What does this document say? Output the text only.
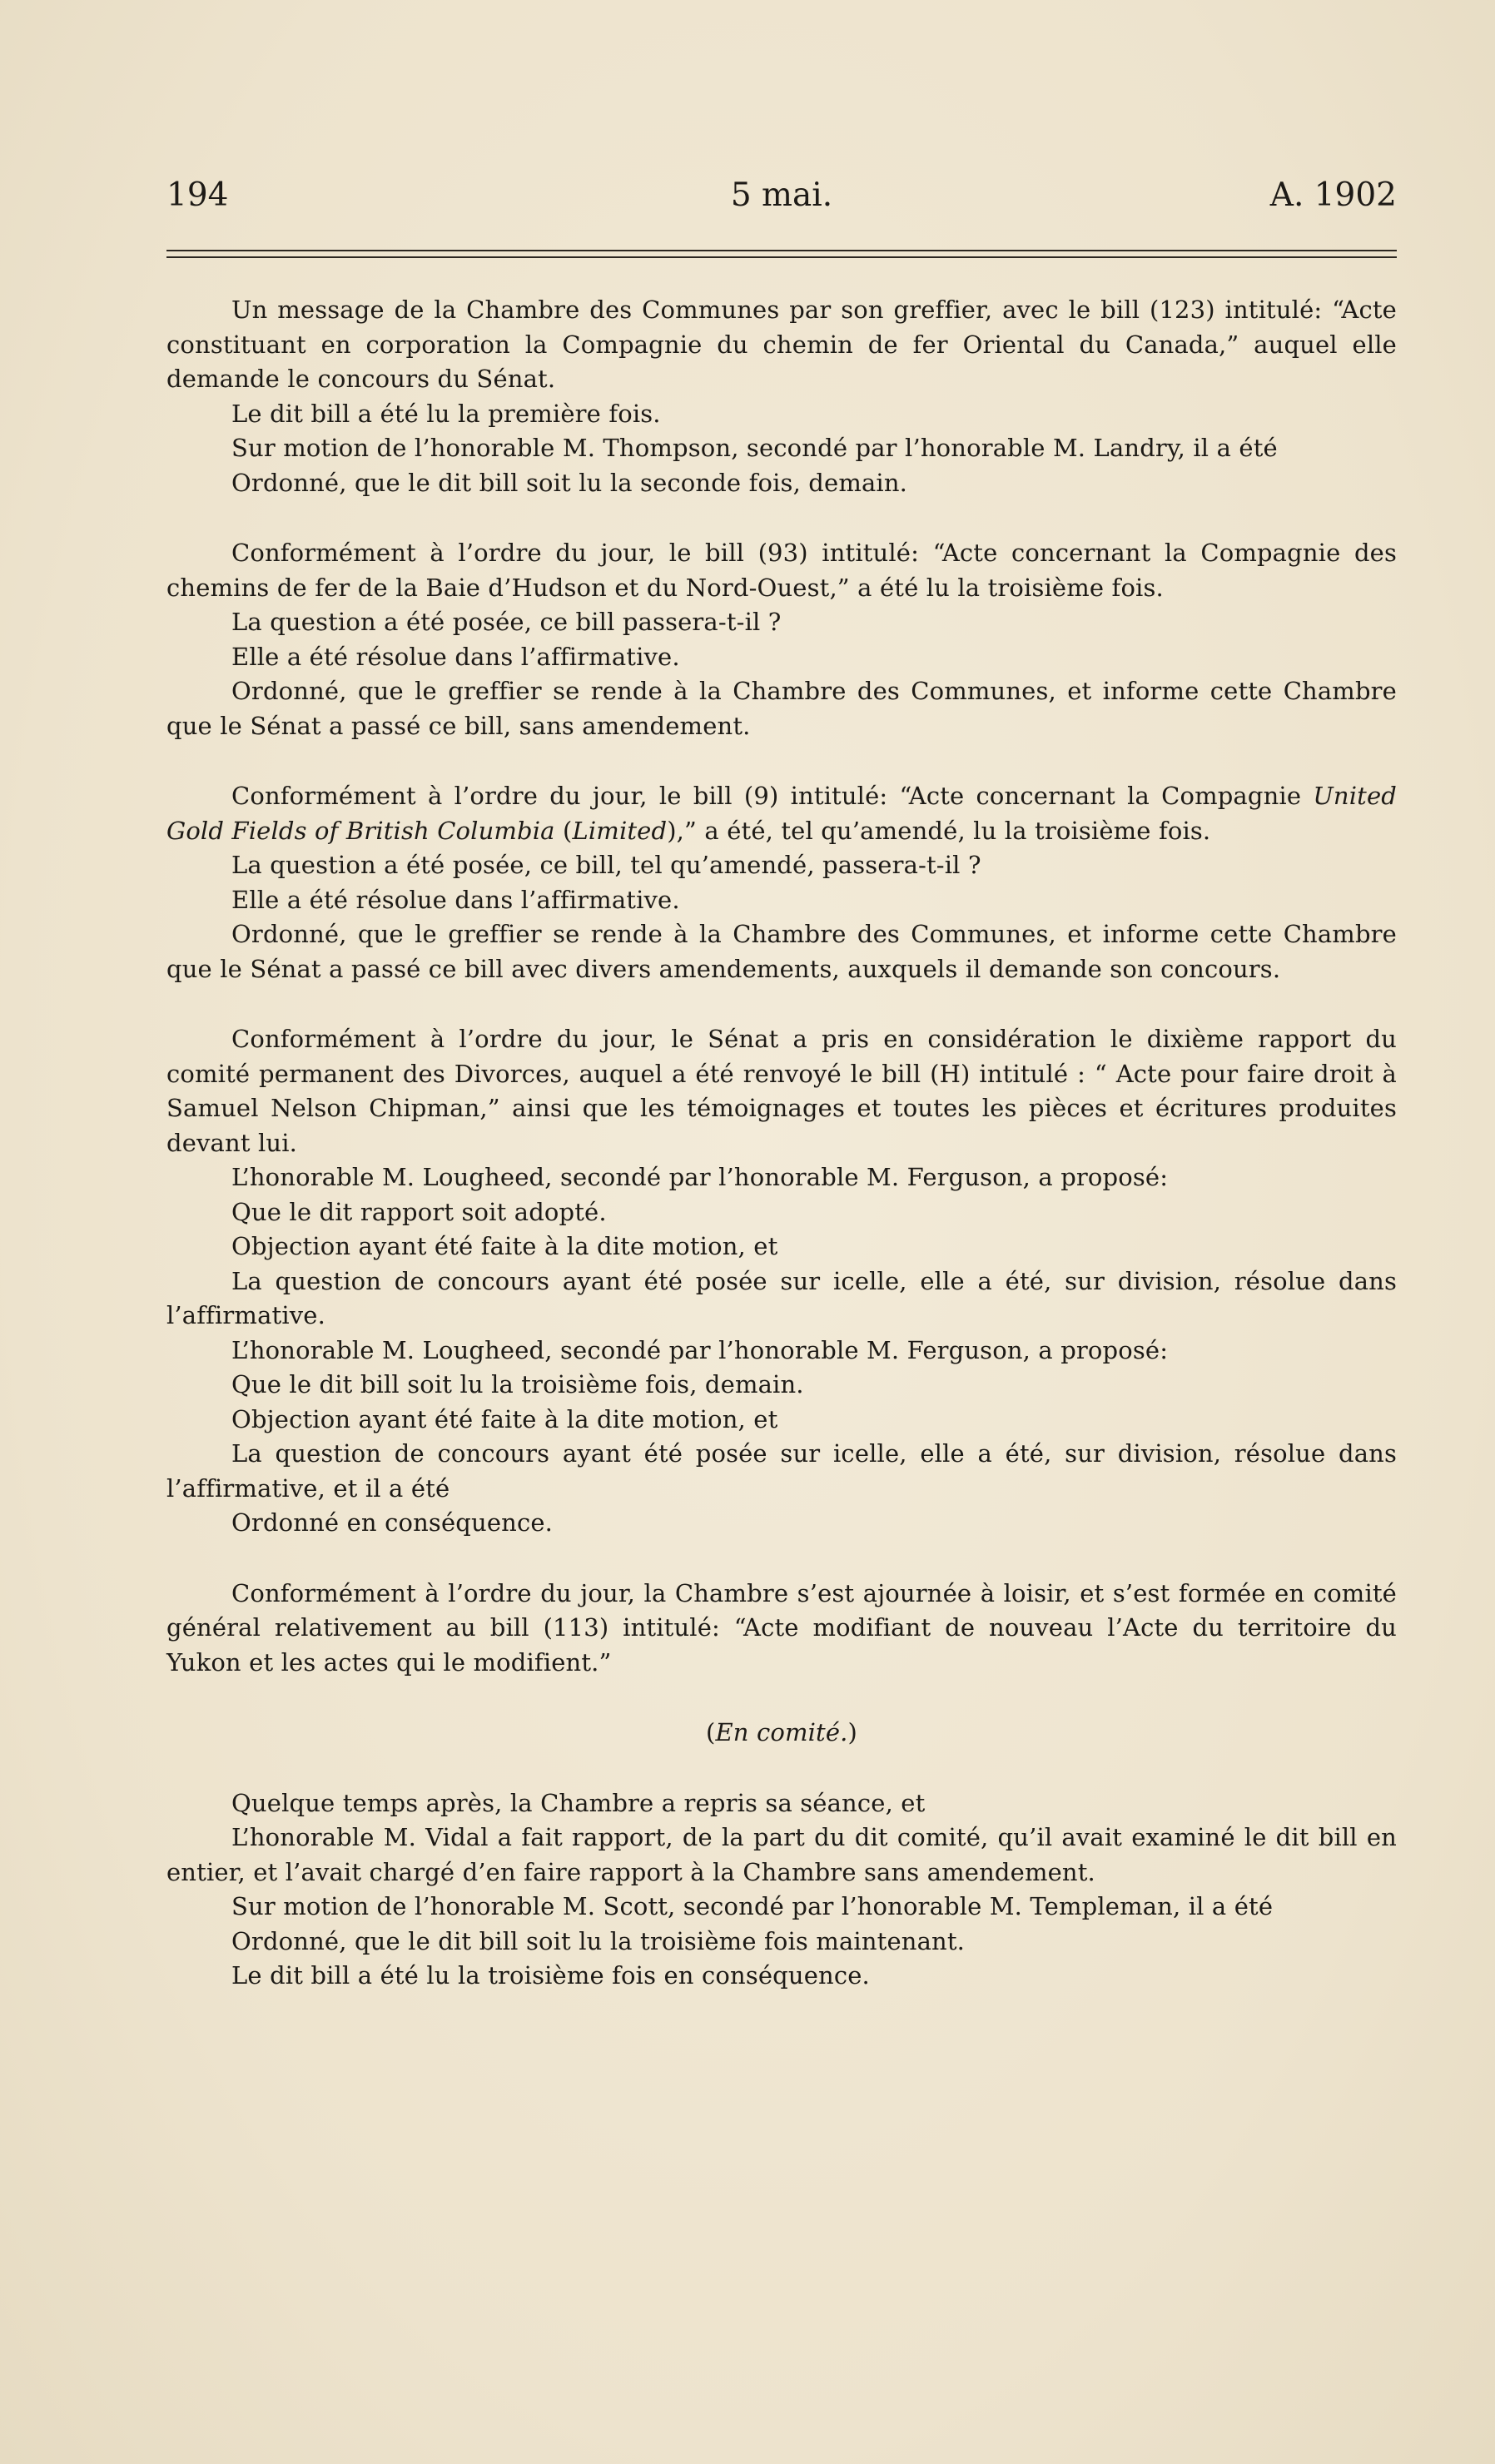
194	5 mai.	A. 1902

Un message de la Chambre des Communes par son greffier, avec le bill (123) intitulé: “Acte constituant en corporation la Compagnie du chemin de fer Oriental du Canada,” auquel elle demande le concours du Sénat.

Le dit bill a été lu la première fois.

Sur motion de l’honorable M. Thompson, secondé par l’honorable M. Landry, il a été

Ordonné, que le dit bill soit lu la seconde fois, demain.

Conformément à l’ordre du jour, le bill (93) intitulé: “Acte concernant la Compagnie des chemins de fer de la Baie d’Hudson et du Nord-Ouest,” a été lu la troisième fois.

La question a été posée, ce bill passera-t-il ?

Elle a été résolue dans l’affirmative.

Ordonné, que le greffier se rende à la Chambre des Communes, et informe cette Chambre que le Sénat a passé ce bill, sans amendement.

Conformément à l’ordre du jour, le bill (9) intitulé: “Acte concernant la Compagnie United Gold Fields of British Columbia (Limited),” a été, tel qu’amendé, lu la troisième fois.

La question a été posée, ce bill, tel qu’amendé, passera-t-il ?

Elle a été résolue dans l’affirmative.

Ordonné, que le greffier se rende à la Chambre des Communes, et informe cette Chambre que le Sénat a passé ce bill avec divers amendements, auxquels il demande son concours.

Conformément à l’ordre du jour, le Sénat a pris en considération le dixième rapport du comité permanent des Divorces, auquel a été renvoyé le bill (H) intitulé : “ Acte pour faire droit à Samuel Nelson Chipman,” ainsi que les témoignages et toutes les pièces et écritures produites devant lui.

L’honorable M. Lougheed, secondé par l’honorable M. Ferguson, a proposé:

Que le dit rapport soit adopté.

Objection ayant été faite à la dite motion, et

La question de concours ayant été posée sur icelle, elle a été, sur division, résolue dans l’affirmative.

L’honorable M. Lougheed, secondé par l’honorable M. Ferguson, a proposé:

Que le dit bill soit lu la troisième fois, demain.

Objection ayant été faite à la dite motion, et

La question de concours ayant été posée sur icelle, elle a été, sur division, résolue dans l’affirmative, et il a été

Ordonné en conséquence.

Conformément à l’ordre du jour, la Chambre s’est ajournée à loisir, et s’est formée en comité général relativement au bill (113) intitulé: “Acte modifiant de nouveau l’Acte du territoire du Yukon et les actes qui le modifient.”

(En comité.)

Quelque temps après, la Chambre a repris sa séance, et

L’honorable M. Vidal a fait rapport, de la part du dit comité, qu’il avait examiné le dit bill en entier, et l’avait chargé d’en faire rapport à la Chambre sans amendement.

Sur motion de l’honorable M. Scott, secondé par l’honorable M. Templeman, il a été

Ordonné, que le dit bill soit lu la troisième fois maintenant.

Le dit bill a été lu la troisième fois en conséquence.
